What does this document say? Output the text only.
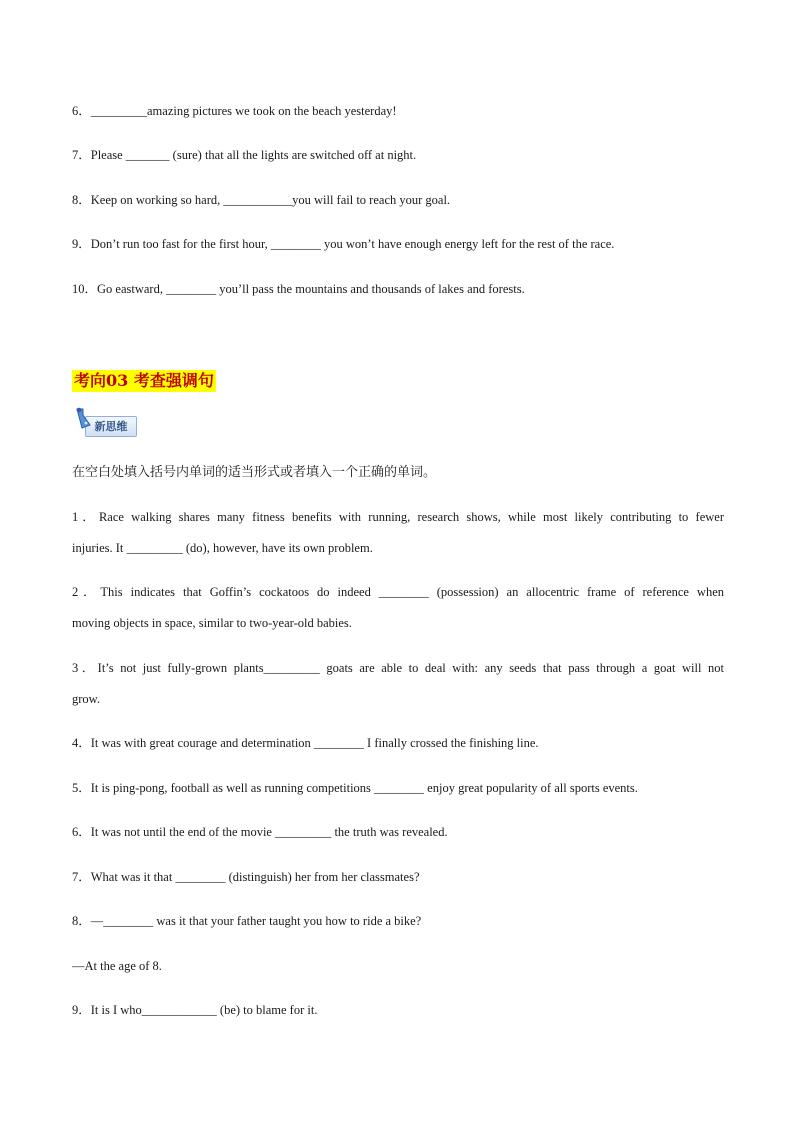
6．_________amazing pictures we took on the beach yesterday!
7．Please _______ (sure) that all the lights are switched off at night.
8．Keep on working so hard, ___________you will fail to reach your goal.
9．Don’t run too fast for the first hour, ________ you won’t have enough energy left for the rest of the race.
10．Go eastward, ________ you’ll pass the mountains and thousands of lakes and forests.
考向03 考查强调句
新思维
在空白处填入括号内单词的适当形式或者填入一个正确的单词。
1．Race walking shares many fitness benefits with running, research shows, while most likely contributing to fewer
injuries. It _________ (do), however, have its own problem.
2．This indicates that Goffin’s cockatoos do indeed ________ (possession) an allocentric frame of reference when
moving objects in space, similar to two-year-old babies.
3．It’s not just fully-grown plants_________ goats are able to deal with: any seeds that pass through a goat will not
grow.
4．It was with great courage and determination ________ I finally crossed the finishing line.
5．It is ping-pong, football as well as running competitions ________ enjoy great popularity of all sports events.
6．It was not until the end of the movie _________ the truth was revealed.
7．What was it that ________ (distinguish) her from her classmates?
8．—________ was it that your father taught you how to ride a bike?
—At the age of 8.
9．It is I who____________ (be) to blame for it.
